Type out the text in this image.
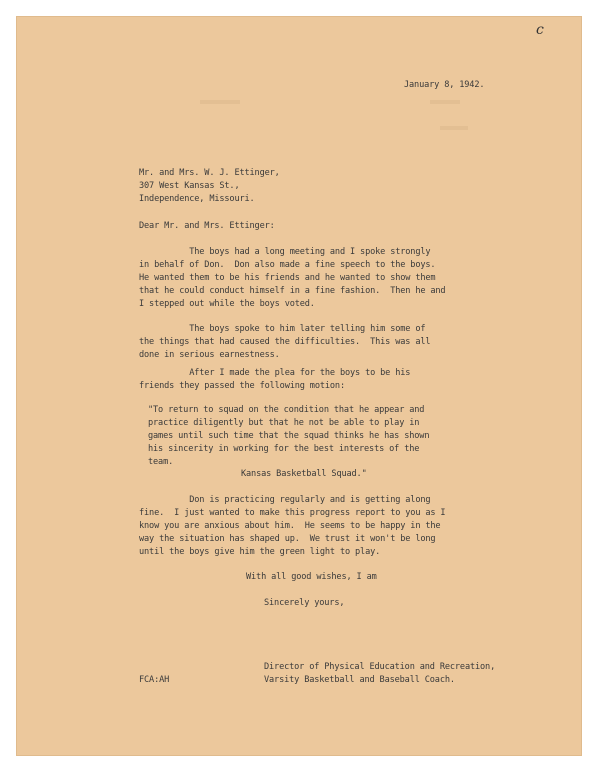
c
January 8, 1942.
Mr. and Mrs. W. J. Ettinger,
307 West Kansas St.,
Independence, Missouri.
Dear Mr. and Mrs. Ettinger:
The boys had a long meeting and I spoke strongly
in behalf of Don.  Don also made a fine speech to the boys.
He wanted them to be his friends and he wanted to show them
that he could conduct himself in a fine fashion.  Then he and
I stepped out while the boys voted.
The boys spoke to him later telling him some of
the things that had caused the difficulties.  This was all
done in serious earnestness.
After I made the plea for the boys to be his
friends they passed the following motion:
"To return to squad on the condition that he appear and
practice diligently but that he not be able to play in
games until such time that the squad thinks he has shown
his sincerity in working for the best interests of the
team.
Kansas Basketball Squad."
Don is practicing regularly and is getting along
fine.  I just wanted to make this progress report to you as I
know you are anxious about him.  He seems to be happy in the
way the situation has shaped up.  We trust it won't be long
until the boys give him the green light to play.
With all good wishes, I am
Sincerely yours,
FCA:AH
Director of Physical Education and Recreation,
Varsity Basketball and Baseball Coach.
